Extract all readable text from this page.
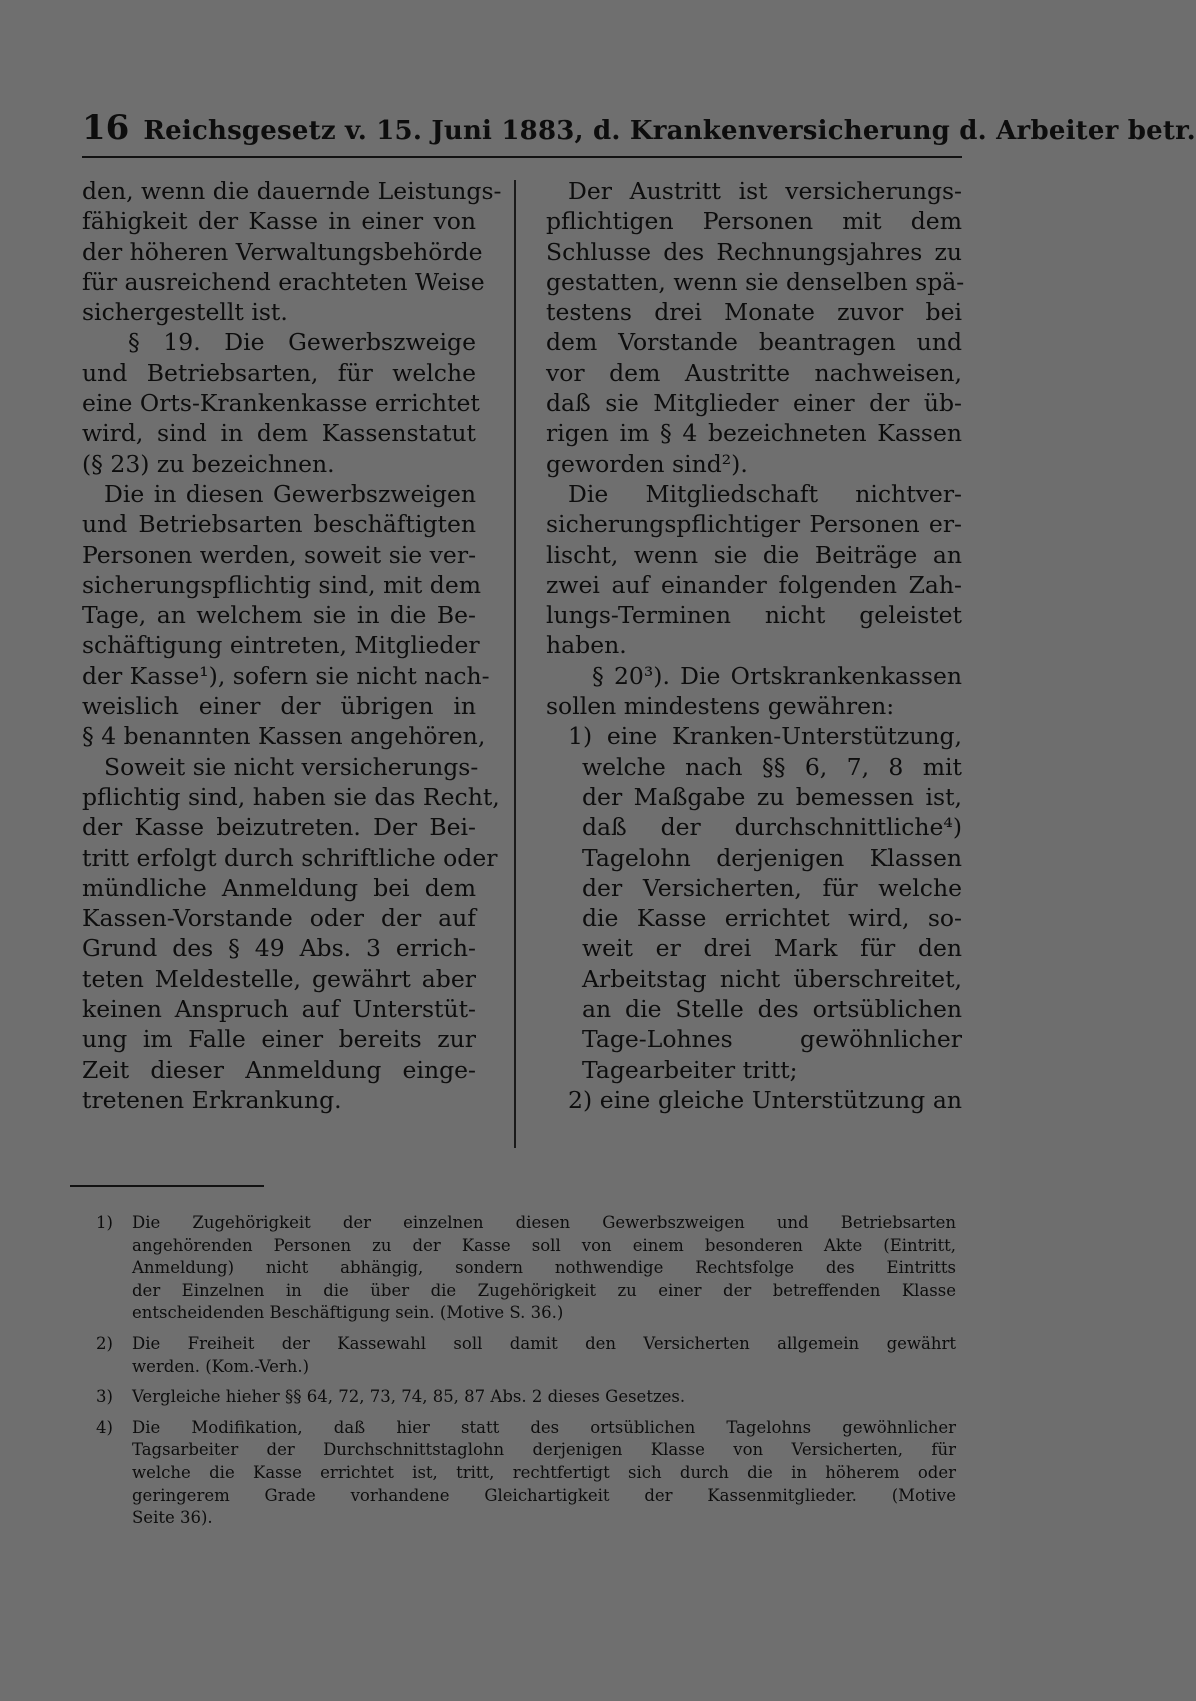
16 Reichsgesetz v. 15. Juni 1883, d. Krankenversicherung d. Arbeiter betr.
den, wenn die dauernde Leistungs-
fähigkeit der Kasse in einer von
der höheren Verwaltungsbehörde
für ausreichend erachteten Weise
sichergestellt ist.
§ 19. Die Gewerbszweige
und Betriebsarten, für welche
eine Orts-Krankenkasse errichtet
wird, sind in dem Kassenstatut
(§ 23) zu bezeichnen.
Die in diesen Gewerbszweigen
und Betriebsarten beschäftigten
Personen werden, soweit sie ver-
sicherungspflichtig sind, mit dem
Tage, an welchem sie in die Be-
schäftigung eintreten, Mitglieder
der Kasse¹), sofern sie nicht nach-
weislich einer der übrigen in
§ 4 benannten Kassen angehören,
Soweit sie nicht versicherungs-
pflichtig sind, haben sie das Recht,
der Kasse beizutreten. Der Bei-
tritt erfolgt durch schriftliche oder
mündliche Anmeldung bei dem
Kassen-Vorstande oder der auf
Grund des § 49 Abs. 3 errich-
teten Meldestelle, gewährt aber
keinen Anspruch auf Unterstüt-
ung im Falle einer bereits zur
Zeit dieser Anmeldung einge-
tretenen Erkrankung.
Der Austritt ist versicherungs-
pflichtigen Personen mit dem
Schlusse des Rechnungsjahres zu
gestatten, wenn sie denselben spä-
testens drei Monate zuvor bei
dem Vorstande beantragen und
vor dem Austritte nachweisen,
daß sie Mitglieder einer der üb-
rigen im § 4 bezeichneten Kassen
geworden sind²).
Die Mitgliedschaft nichtver-
sicherungspflichtiger Personen er-
lischt, wenn sie die Beiträge an
zwei auf einander folgenden Zah-
lungs-Terminen nicht geleistet
haben.
§ 20³). Die Ortskrankenkassen
sollen mindestens gewähren:
1) eine Kranken-Unterstützung,
welche nach §§ 6, 7, 8 mit
der Maßgabe zu bemessen ist,
daß der durchschnittliche⁴)
Tagelohn derjenigen Klassen
der Versicherten, für welche
die Kasse errichtet wird, so-
weit er drei Mark für den
Arbeitstag nicht überschreitet,
an die Stelle des ortsüblichen
Tage-Lohnes gewöhnlicher
Tagearbeiter tritt;
2) eine gleiche Unterstützung an
1) Die Zugehörigkeit der einzelnen diesen Gewerbszweigen und Betriebsarten
angehörenden Personen zu der Kasse soll von einem besonderen Akte (Eintritt,
Anmeldung) nicht abhängig, sondern nothwendige Rechtsfolge des Eintritts
der Einzelnen in die über die Zugehörigkeit zu einer der betreffenden Klasse
entscheidenden Beschäftigung sein. (Motive S. 36.)
2) Die Freiheit der Kassewahl soll damit den Versicherten allgemein gewährt
werden. (Kom.-Verh.)
3) Vergleiche hieher §§ 64, 72, 73, 74, 85, 87 Abs. 2 dieses Gesetzes.
4) Die Modifikation, daß hier statt des ortsüblichen Tagelohns gewöhnlicher
Tagsarbeiter der Durchschnittstaglohn derjenigen Klasse von Versicherten, für
welche die Kasse errichtet ist, tritt, rechtfertigt sich durch die in höherem oder
geringerem Grade vorhandene Gleichartigkeit der Kassenmitglieder. (Motive
Seite 36).
